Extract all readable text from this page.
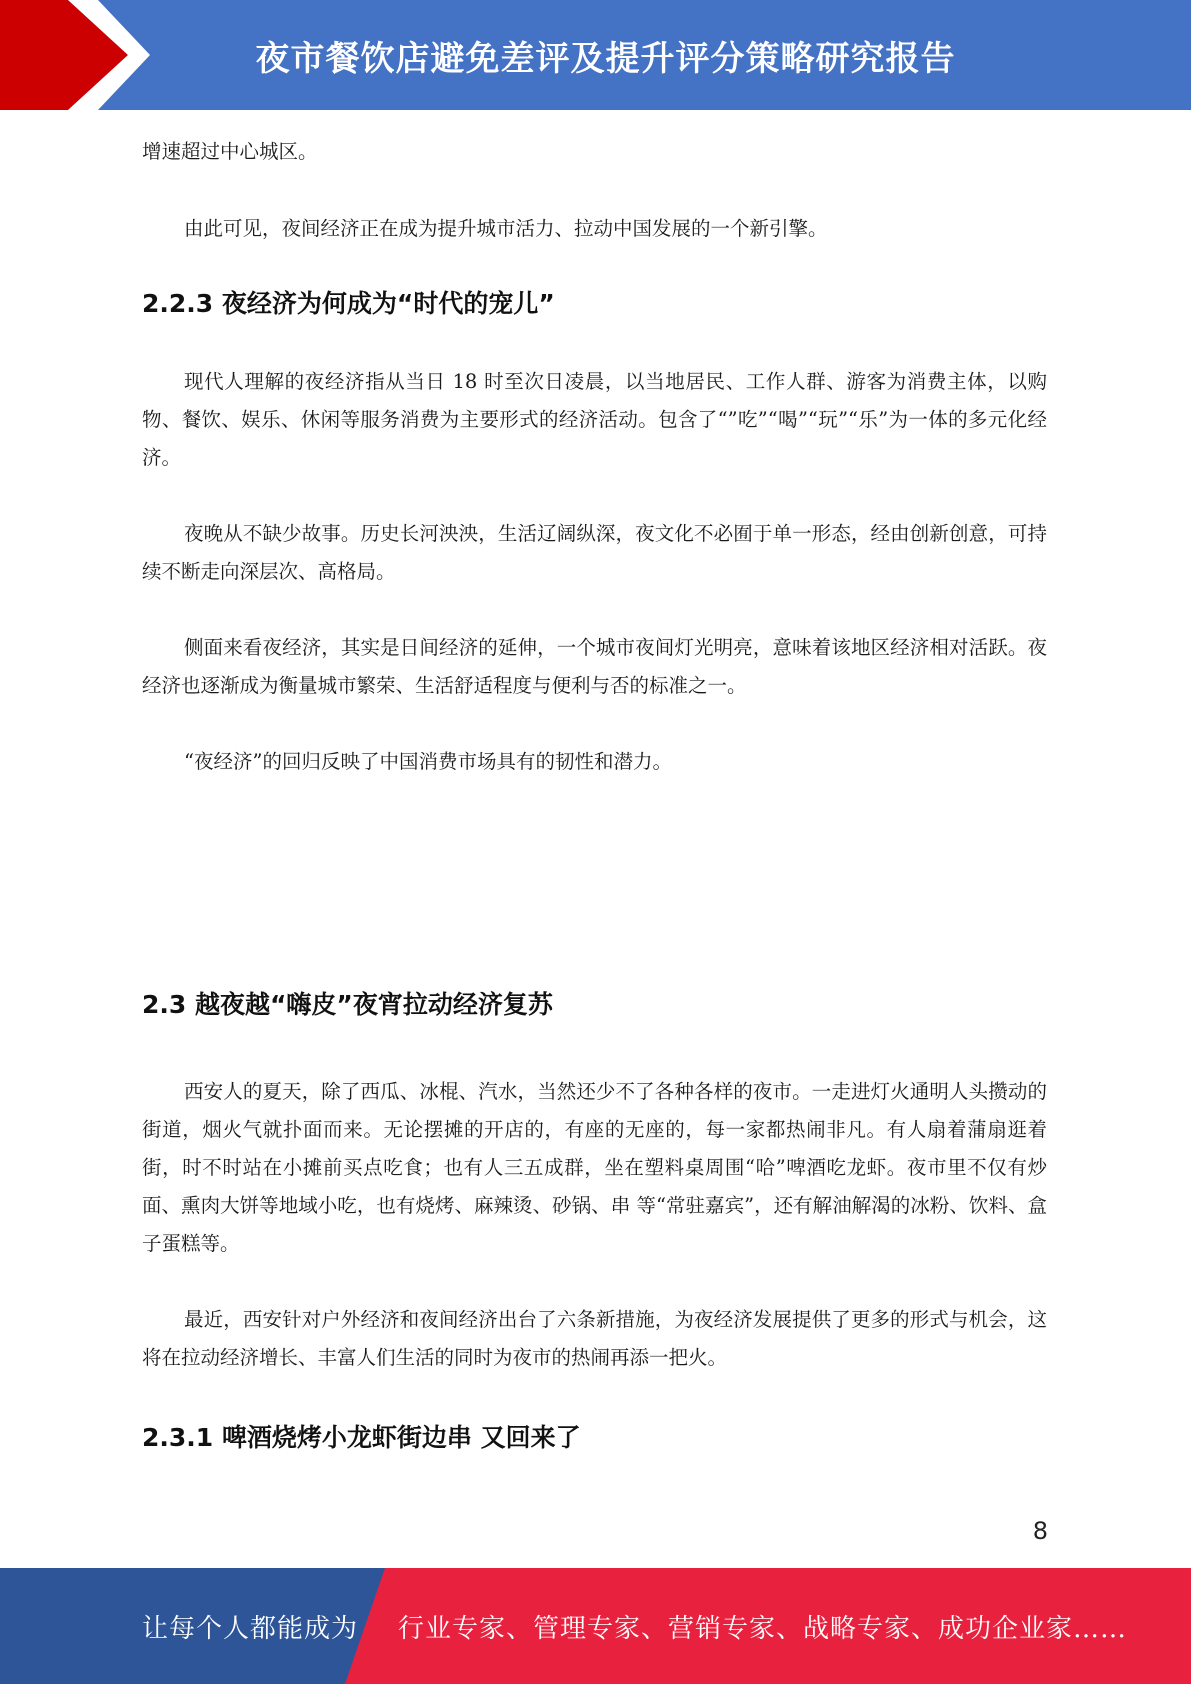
夜市餐饮店避免差评及提升评分策略研究报告

增速超过中心城区。

由此可见，夜间经济正在成为提升城市活力、拉动中国发展的一个新引擎。

2.2.3 夜经济为何成为“时代的宠儿”

现代人理解的夜经济指从当日 18 时至次日凌晨，以当地居民、工作人群、游客为消费主体，以购物、餐饮、娱乐、休闲等服务消费为主要形式的经济活动。包含了“”吃”“喝”“玩”“乐”为一体的多元化经济。

夜晚从不缺少故事。历史长河泱泱，生活辽阔纵深，夜文化不必囿于单一形态，经由创新创意，可持续不断走向深层次、高格局。

侧面来看夜经济，其实是日间经济的延伸，一个城市夜间灯光明亮，意味着该地区经济相对活跃。夜经济也逐渐成为衡量城市繁荣、生活舒适程度与便利与否的标准之一。

“夜经济”的回归反映了中国消费市场具有的韧性和潜力。

2.3 越夜越“嗨皮”夜宵拉动经济复苏

西安人的夏天，除了西瓜、冰棍、汽水，当然还少不了各种各样的夜市。一走进灯火通明人头攒动的街道，烟火气就扑面而来。无论摆摊的开店的，有座的无座的，每一家都热闹非凡。有人扇着蒲扇逛着街，时不时站在小摊前买点吃食；也有人三五成群，坐在塑料桌周围“哈”啤酒吃龙虾。夜市里不仅有炒面、熏肉大饼等地域小吃，也有烧烤、麻辣烫、砂锅、串 等“常驻嘉宾”，还有解油解渴的冰粉、饮料、盒子蛋糕等。

最近，西安针对户外经济和夜间经济出台了六条新措施，为夜经济发展提供了更多的形式与机会，这将在拉动经济增长、丰富人们生活的同时为夜市的热闹再添一把火。

2.3.1 啤酒烧烤小龙虾街边串 又回来了
8
让每个人都能成为 行业专家、管理专家、营销专家、战略专家、成功企业家……
